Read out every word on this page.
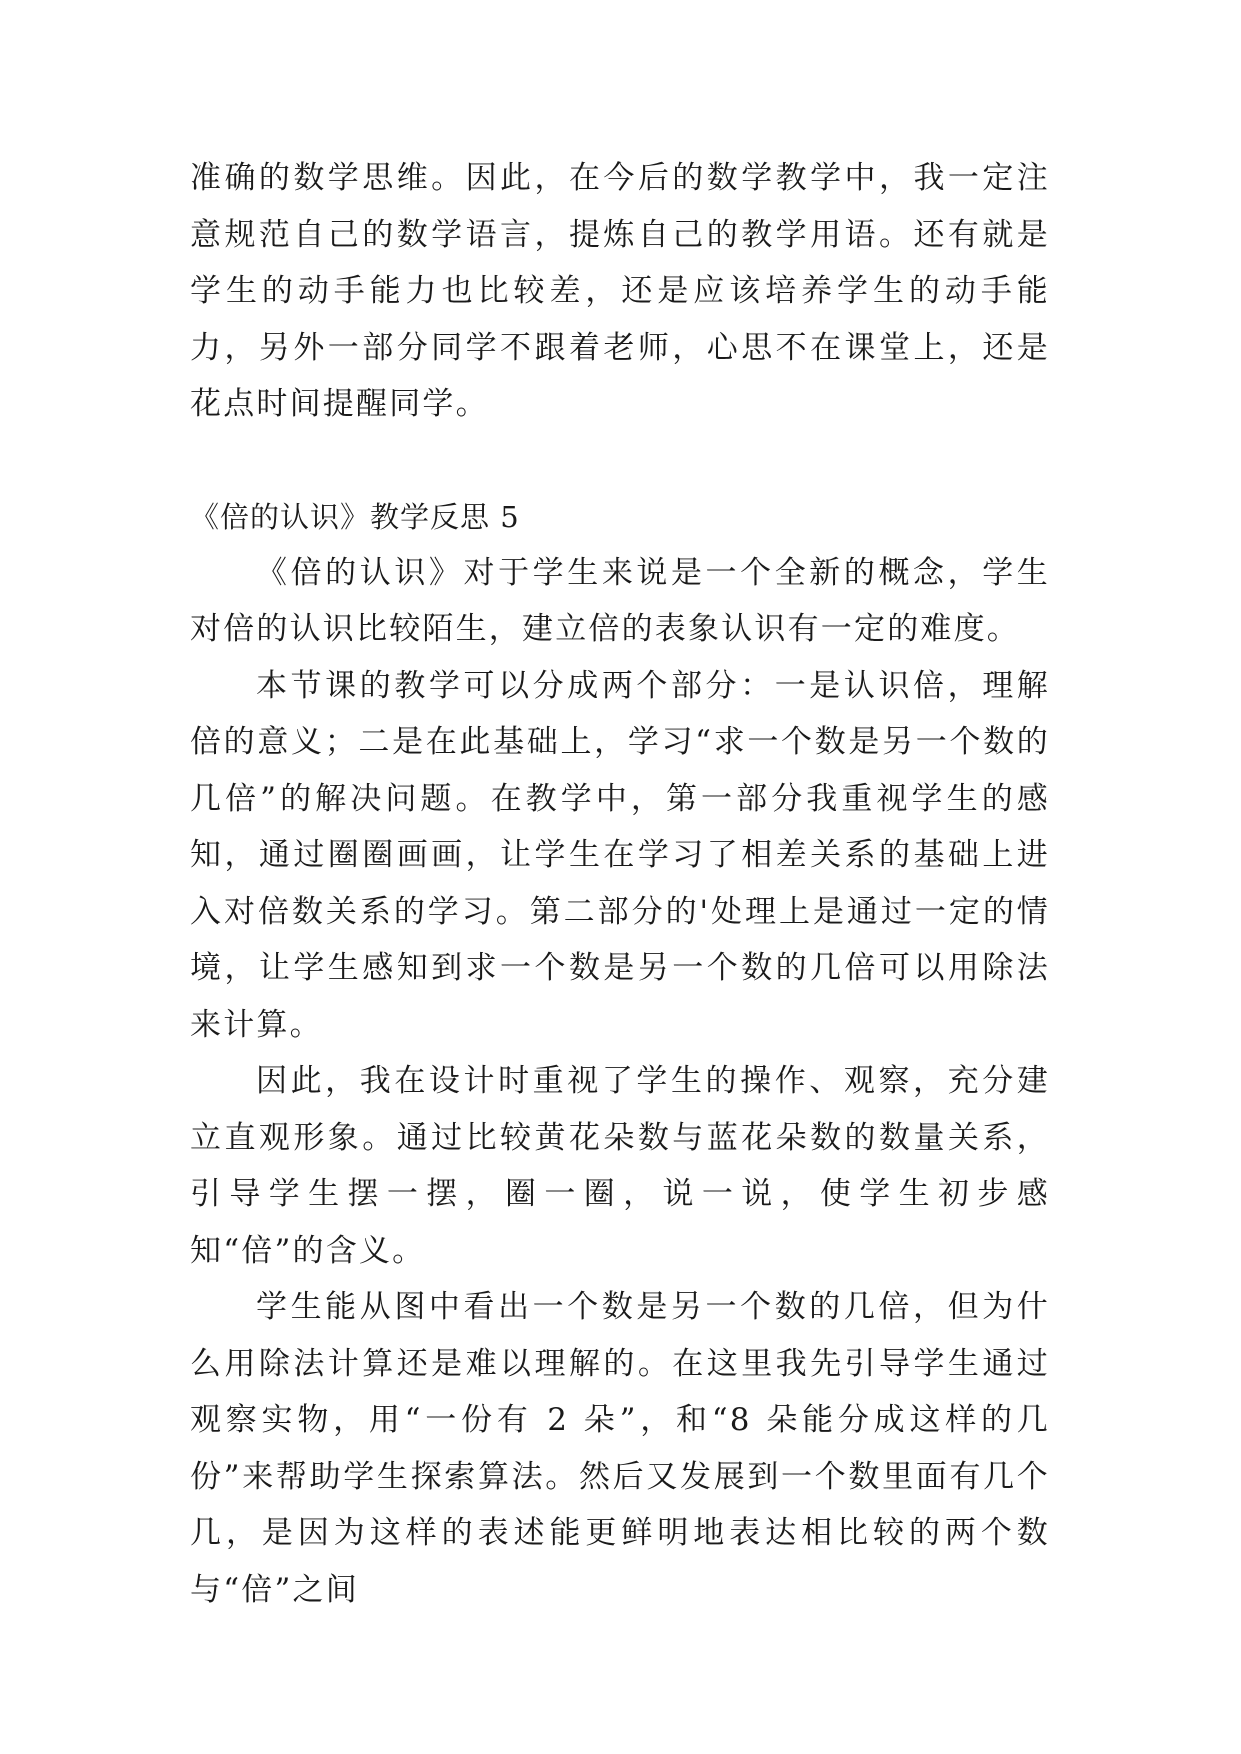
准确的数学思维。因此，在今后的数学教学中，我一定注意规范自己的数学语言，提炼自己的教学用语。还有就是学生的动手能力也比较差，还是应该培养学生的动手能力，另外一部分同学不跟着老师，心思不在课堂上，还是花点时间提醒同学。

《倍的认识》教学反思 5

《倍的认识》对于学生来说是一个全新的概念，学生对倍的认识比较陌生，建立倍的表象认识有一定的难度。

本节课的教学可以分成两个部分：一是认识倍，理解倍的意义；二是在此基础上，学习“求一个数是另一个数的几倍”的解决问题。在教学中，第一部分我重视学生的感知，通过圈圈画画，让学生在学习了相差关系的基础上进入对倍数关系的学习。第二部分的'处理上是通过一定的情境，让学生感知到求一个数是另一个数的几倍可以用除法来计算。

因此，我在设计时重视了学生的操作、观察，充分建立直观形象。通过比较黄花朵数与蓝花朵数的数量关系，引导学生摆一摆，圈一圈，说一说，使学生初步感知“倍”的含义。

学生能从图中看出一个数是另一个数的几倍，但为什么用除法计算还是难以理解的。在这里我先引导学生通过观察实物，用“一份有 2 朵”，和“8 朵能分成这样的几份”来帮助学生探索算法。然后又发展到一个数里面有几个几，是因为这样的表述能更鲜明地表达相比较的两个数与“倍”之间
